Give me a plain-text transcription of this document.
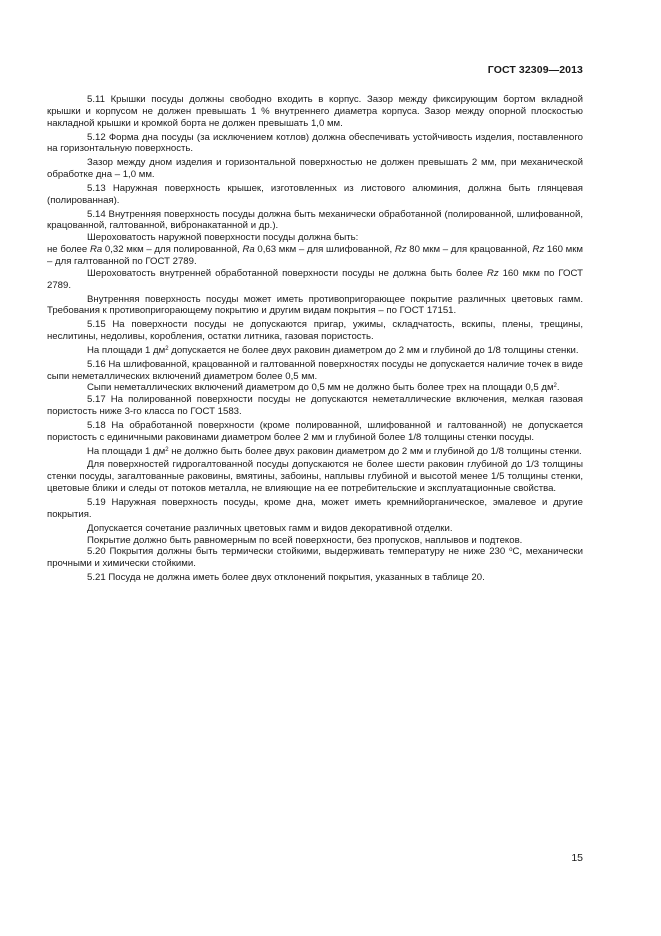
ГОСТ 32309—2013

5.11 Крышки посуды должны свободно входить в корпус. Зазор между фиксирующим бортом вкладной крышки и корпусом не должен превышать 1 % внутреннего диаметра корпуса. Зазор между опорной плоскостью накладной крышки и кромкой борта не должен превышать 1,0 мм.

5.12 Форма дна посуды (за исключением котлов) должна обеспечивать устойчивость изделия, поставленного на горизонтальную поверхность.

Зазор между дном изделия и горизонтальной поверхностью не должен превышать 2 мм, при механической обработке дна – 1,0 мм.

5.13 Наружная поверхность крышек, изготовленных из листового алюминия, должна быть глянцевая (полированная).

5.14 Внутренняя поверхность посуды должна быть механически обработанной (полированной, шлифованной, крацованной, галтованной, вибронакатанной и др.).

Шероховатость наружной поверхности посуды должна быть:

не более Ra 0,32 мкм – для полированной, Ra 0,63 мкм – для шлифованной, Rz 80 мкм – для крацованной, Rz 160 мкм – для галтованной по ГОСТ 2789.

Шероховатость внутренней обработанной поверхности посуды не должна быть более Rz 160 мкм по ГОСТ 2789.

Внутренняя поверхность посуды может иметь противопригорающее покрытие различных цветовых гамм. Требования к противопригорающему покрытию и другим видам покрытия – по ГОСТ 17151.

5.15 На поверхности посуды не допускаются пригар, ужимы, складчатость, вскипы, плены, трещины, неслитины, недоливы, коробления, остатки литника, газовая пористость.

На площади 1 $дм^2$ допускается не более двух раковин диаметром до 2 мм и глубиной до 1/8 толщины стенки.

5.16 На шлифованной, крацованной и галтованной поверхностях посуды не допускается наличие точек в виде сыпи неметаллических включений диаметром более 0,5 мм.

Сыпи неметаллических включений диаметром до 0,5 мм не должно быть более трех на площади 0,5 $дм^2$.

5.17 На полированной поверхности посуды не допускаются неметаллические включения, мелкая газовая пористость ниже 3-го класса по ГОСТ 1583.

5.18 На обработанной поверхности (кроме полированной, шлифованной и галтованной) не допускается пористость с единичными раковинами диаметром более 2 мм и глубиной более 1/8 толщины стенки посуды.

На площади 1 $дм^2$ не должно быть более двух раковин диаметром до 2 мм и глубиной до 1/8 толщины стенки.

Для поверхностей гидрогалтованной посуды допускаются не более шести раковин глубиной до 1/3 толщины стенки посуды, загалтованные раковины, вмятины, забоины, наплывы глубиной и высотой менее 1/5 толщины стенки, цветовые блики и следы от потоков металла, не влияющие на ее потребительские и эксплуатационные свойства.

5.19 Наружная поверхность посуды, кроме дна, может иметь кремнийорганическое, эмалевое и другие покрытия.

Допускается сочетание различных цветовых гамм и видов декоративной отделки.

Покрытие должно быть равномерным по всей поверхности, без пропусков, наплывов и подтеков.

5.20 Покрытия должны быть термически стойкими, выдерживать температуру не ниже 230 $^о$С, механически прочными и химически стойкими.

5.21 Посуда не должна иметь более двух отклонений покрытия, указанных в таблице 20.

15
